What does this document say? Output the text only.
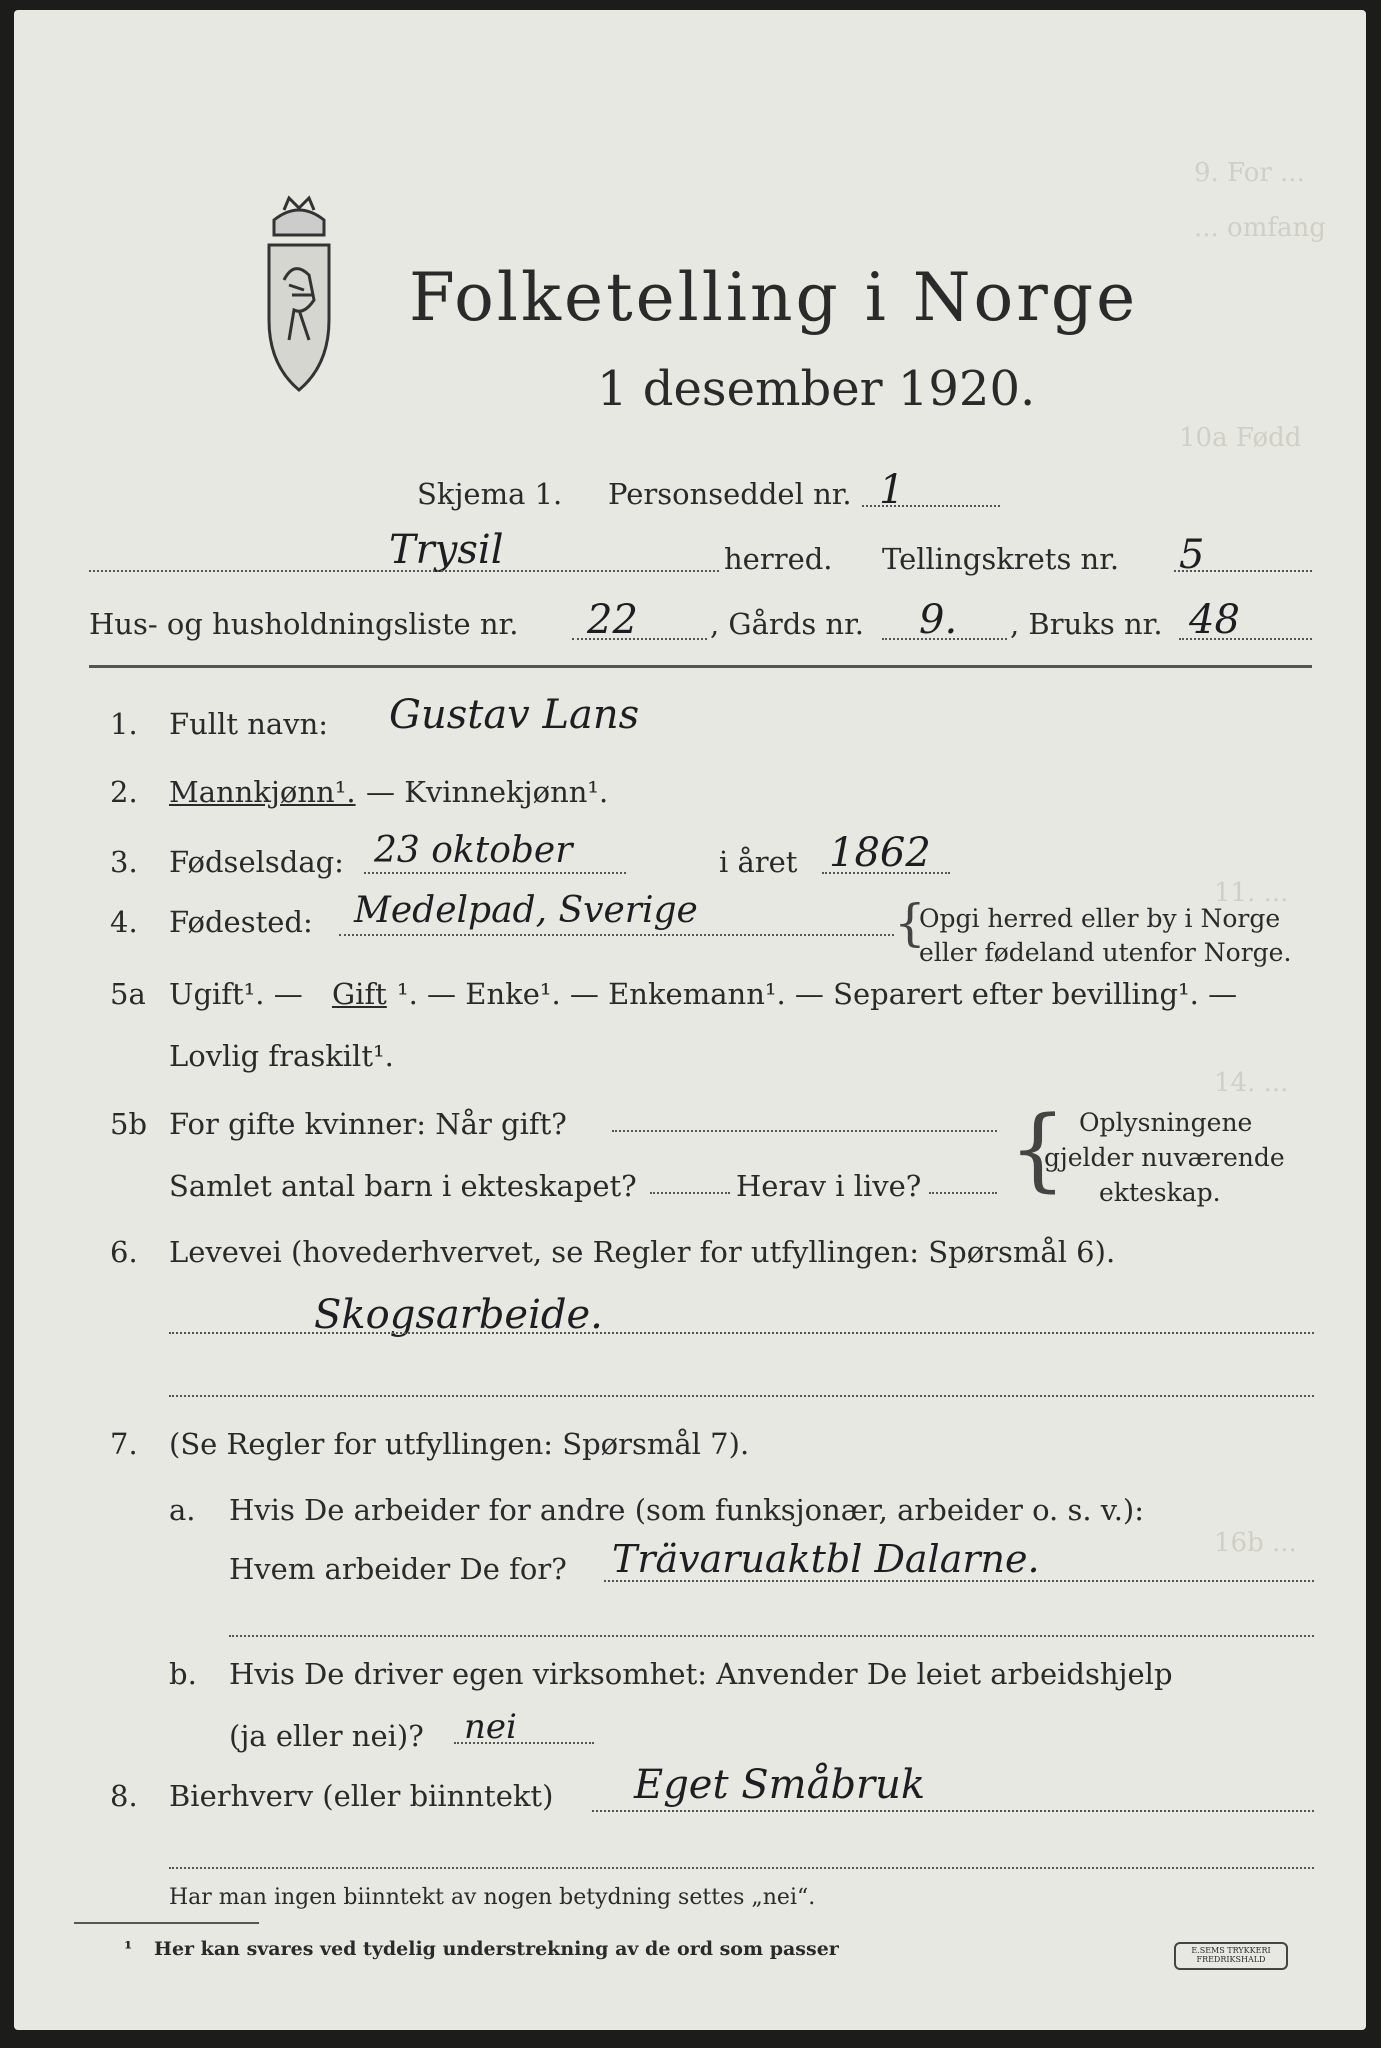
9. For ...
... omfang
10a Fødd
11. ...
14. ...
16b ...
Folketelling i Norge
1 desember 1920.
Skjema 1. Personseddel nr. 1
Trysil	herred. Tellingskrets nr. 5
Hus- og husholdningsliste nr. 22 , Gårds nr. 9. , Bruks nr. 48
1. Fullt navn: Gustav Lans
2. Mannkjønn¹. — Kvinnekjønn¹.
3. Fødselsdag: 23 oktober	i året 1862
4. Fødested: Medelpad, Sverige	{
Opgi herred eller by i Norge
eller fødeland utenfor Norge.
5a Ugift¹. — Gift ¹. — Enke¹. — Enkemann¹. — Separert efter bevilling¹. —
Lovlig fraskilt¹.
5b For gifte kvinner: Når gift?
Samlet antal barn i ekteskapet?	Herav i live? { Oplysningene
gjelder nuværende
ekteskap.
6. Levevei (hovederhvervet, se Regler for utfyllingen: Spørsmål 6).
Skogsarbeide.
7. (Se Regler for utfyllingen: Spørsmål 7).
a. Hvis De arbeider for andre (som funksjonær, arbeider o. s. v.):
Hvem arbeider De for? Trävaruaktbl Dalarne.
b. Hvis De driver egen virksomhet: Anvender De leiet arbeidshjelp
(ja eller nei)? nei
8. Bierhverv (eller biinntekt) Eget Småbruk
Har man ingen biinntekt av nogen betydning settes „nei“.
¹ Her kan svares ved tydelig understrekning av de ord som passer	E.SEMS TRYKKERI FREDRIKSHALD
